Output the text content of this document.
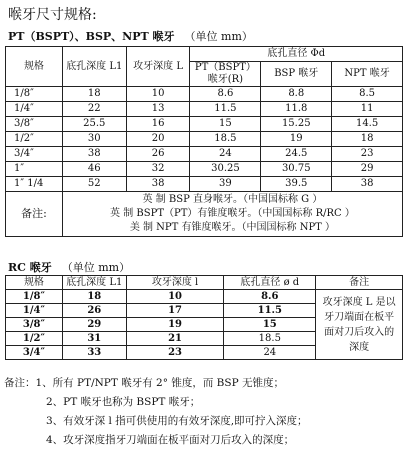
喉牙尺寸规格:
PT（BSPT）、BSP、NPT 喉牙 （单位 mm）
规格	底孔深度 L1	攻牙深度 L	底孔直径 Φd		
			PT（BSPT）喉牙(R)	BSP 喉牙	NPT 喉牙
1/8″	18	10	8.6	8.8	8.5
1/4″	22	13	11.5	11.8	11
3/8″	25.5	16	15	15.25	14.5
1/2″	30	20	18.5	19	18
3/4″	38	26	24	24.5	23
1″	46	32	30.25	30.75	29
1″ 1/4	52	38	39	39.5	38
备注:	英 制 BSP 直身喉牙。（中国国标称 G ）
英 制 BSPT（PT）有锥度喉牙。（中国国标称 R/RC ）
美 制 NPT 有锥度喉牙。（中国国标称 NPT ）				
RC 喉牙 （单位 mm）
规格	底孔深度 L1	攻牙深度 l	底孔直径 ø d	备注
1/8″	18	10	8.6	攻牙深度 L 是以牙刀端面在板平面对刀后攻入的深度
1/4″	26	17	11.5	
3/8″	29	19	15	
1/2″	31	21	18.5	
3/4″	33	23	24	
备注：1、所有 PT/NPT 喉牙有 2° 锥度，而 BSP 无锥度；
2、PT 喉牙也称为 BSPT 喉牙；
3、有效牙深 l 指可供使用的有效牙深度,即可拧入深度；
4、攻牙深度指牙刀端面在板平面对刀后攻入的深度；
